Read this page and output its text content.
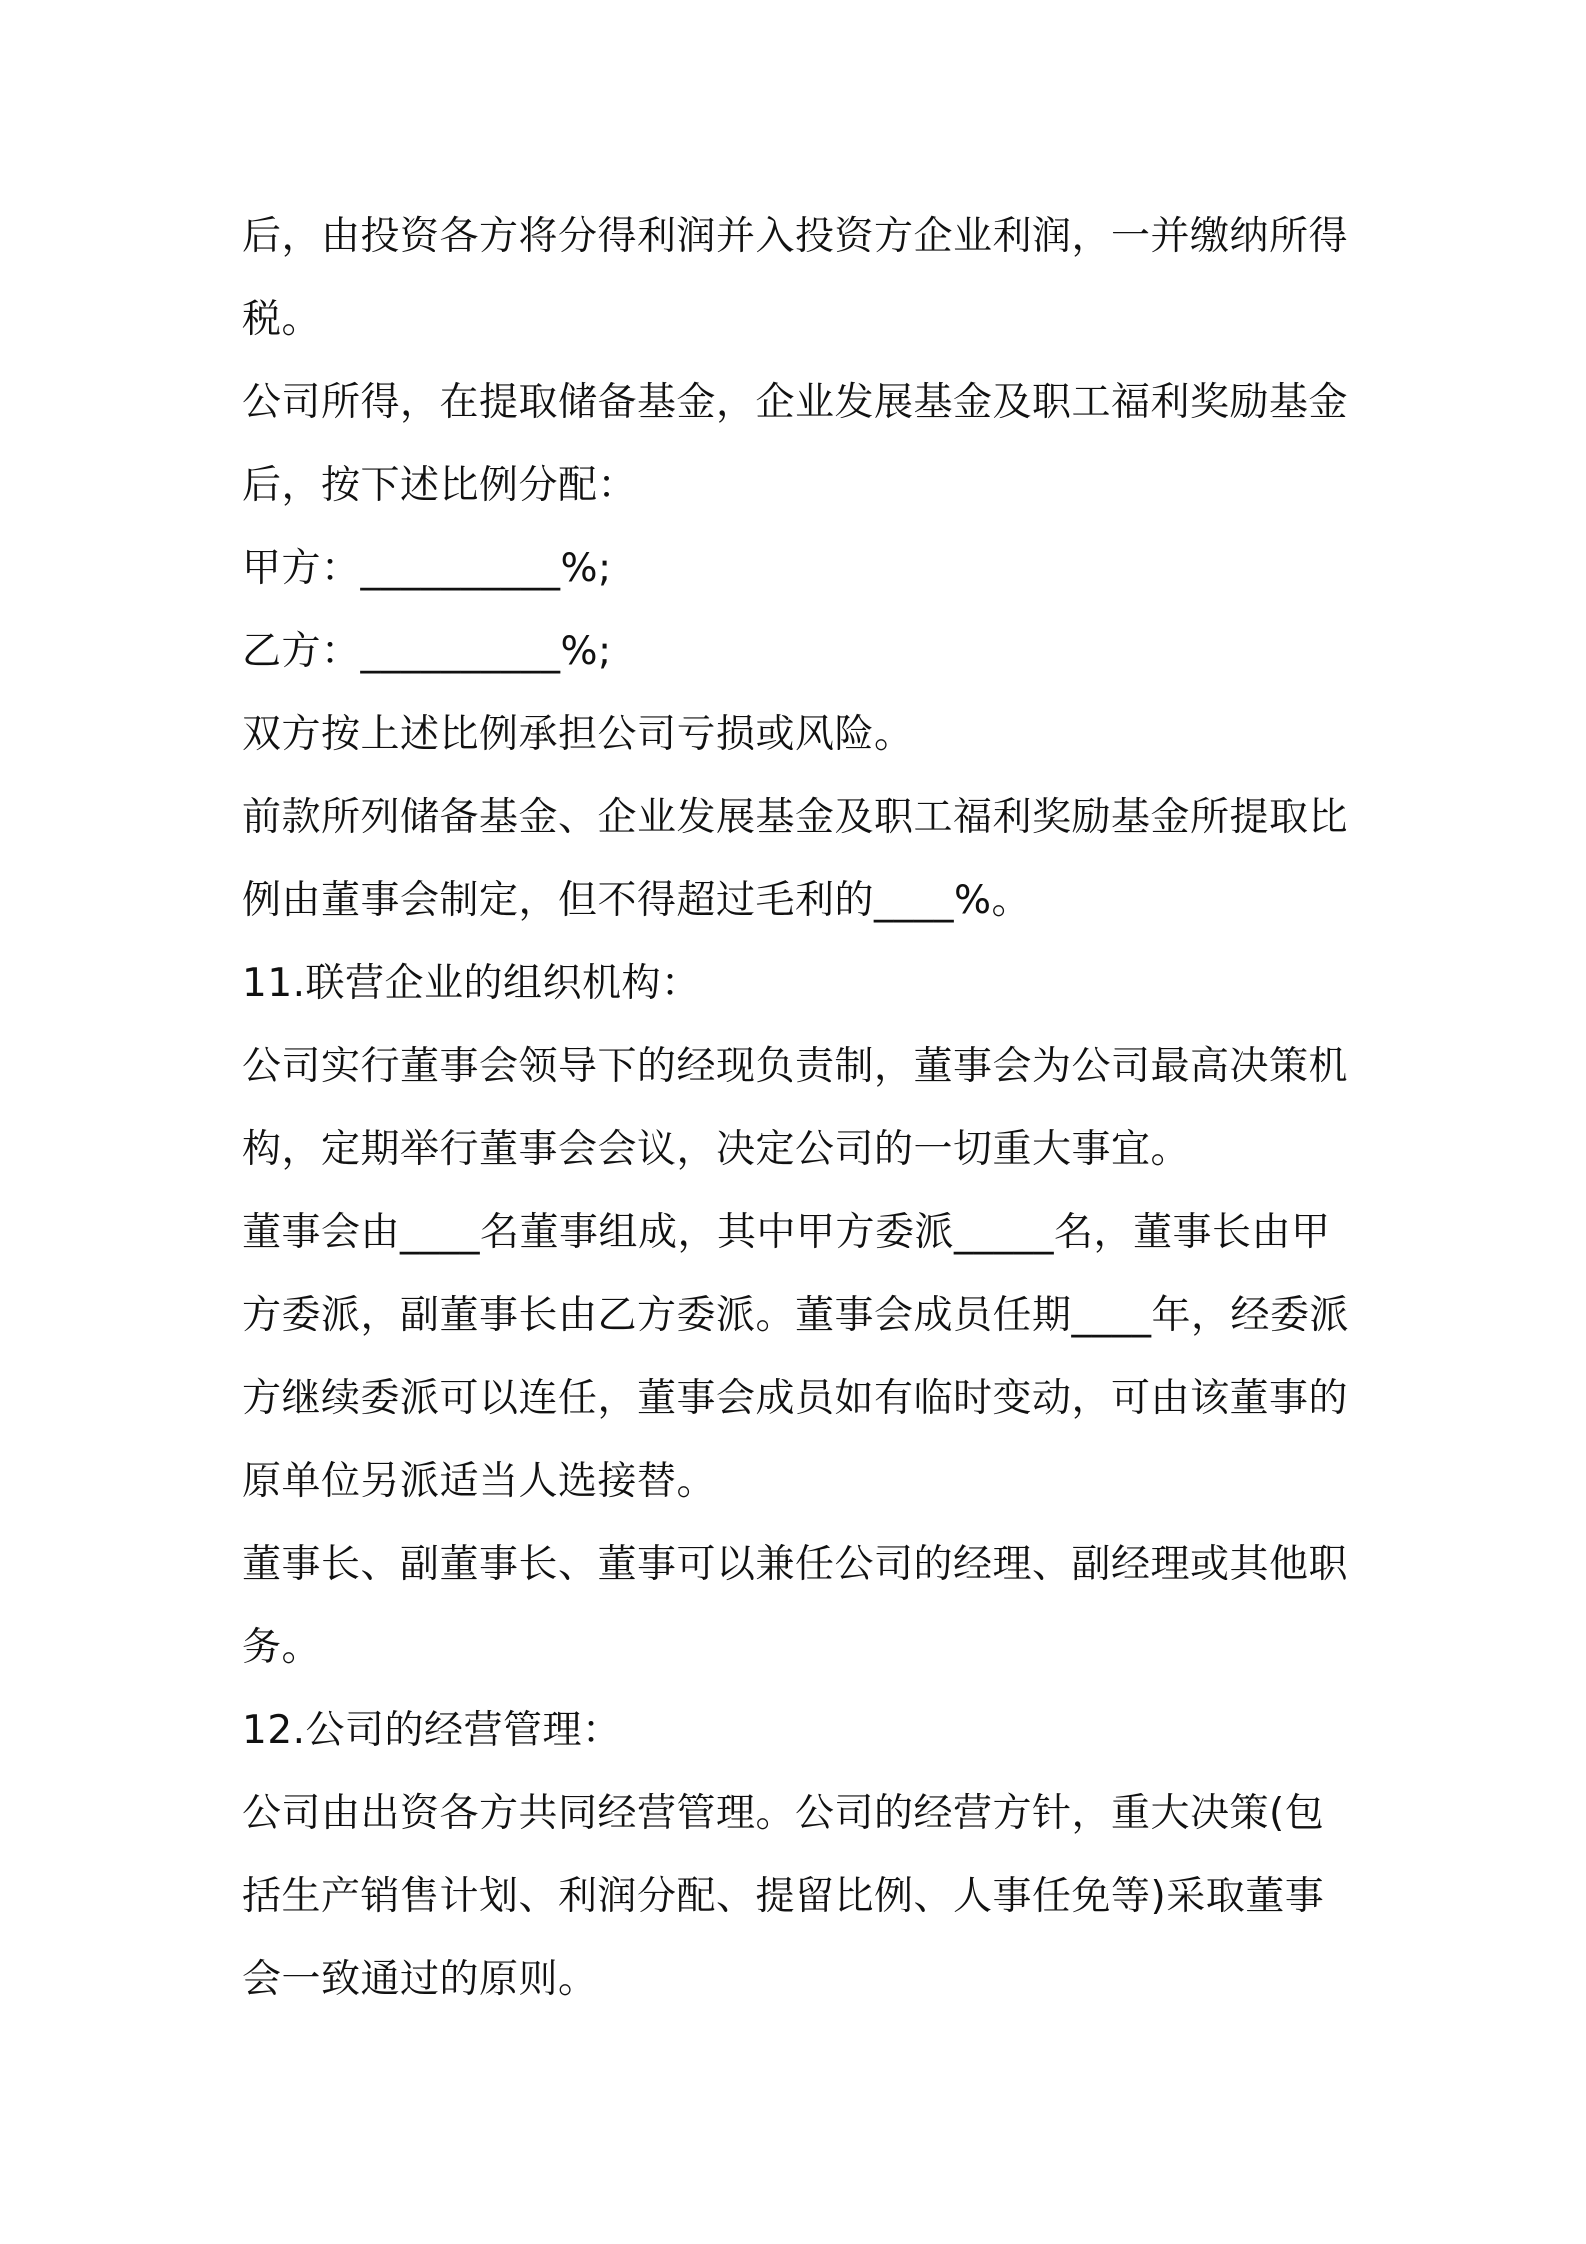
后，由投资各方将分得利润并入投资方企业利润，一并缴纳所得税。

公司所得，在提取储备基金，企业发展基金及职工福利奖励基金后，按下述比例分配：

甲方：__________%;

乙方：__________%;

双方按上述比例承担公司亏损或风险。

前款所列储备基金、企业发展基金及职工福利奖励基金所提取比例由董事会制定，但不得超过毛利的____%。

11.联营企业的组织机构：

公司实行董事会领导下的经现负责制，董事会为公司最高决策机构，定期举行董事会会议，决定公司的一切重大事宜。

董事会由____名董事组成，其中甲方委派_____名，董事长由甲方委派，副董事长由乙方委派。董事会成员任期____年，经委派方继续委派可以连任，董事会成员如有临时变动，可由该董事的原单位另派适当人选接替。

董事长、副董事长、董事可以兼任公司的经理、副经理或其他职务。

12.公司的经营管理：

公司由出资各方共同经营管理。公司的经营方针，重大决策(包括生产销售计划、利润分配、提留比例、人事任免等)采取董事会一致通过的原则。
